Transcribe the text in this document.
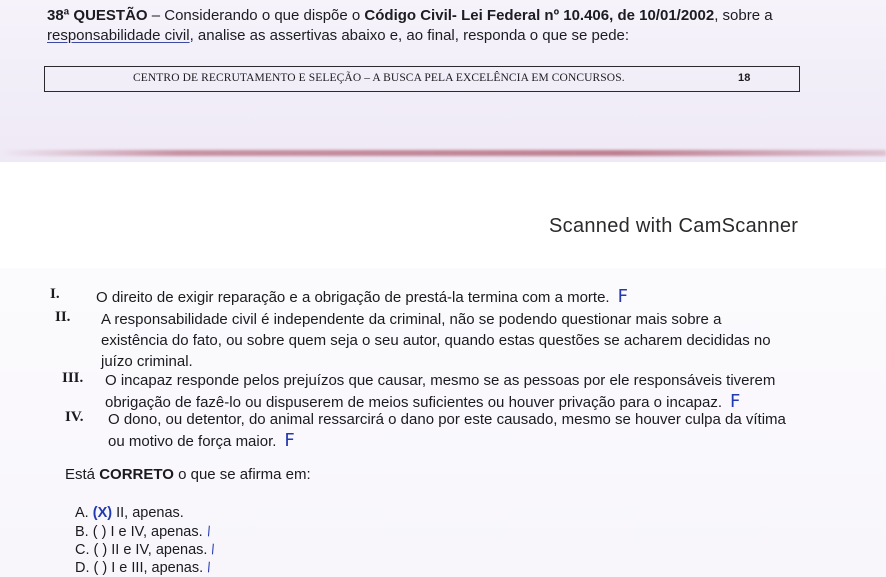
38ª QUESTÃO – Considerando o que dispõe o Código Civil- Lei Federal nº 10.406, de 10/01/2002, sobre a
responsabilidade civil, analise as assertivas abaixo e, ao final, responda o que se pede:
CENTRO DE RECRUTAMENTO E SELEÇÃO – A BUSCA PELA EXCELÊNCIA EM CONCURSOS.	18
Scanned with CamScanner
I. O direito de exigir reparação e a obrigação de prestá-la termina com a morte. F
II. A responsabilidade civil é independente da criminal, não se podendo questionar mais sobre a
existência do fato, ou sobre quem seja o seu autor, quando estas questões se acharem decididas no
juízo criminal.
III. O incapaz responde pelos prejuízos que causar, mesmo se as pessoas por ele responsáveis tiverem
obrigação de fazê-lo ou dispuserem de meios suficientes ou houver privação para o incapaz. F
IV. O dono, ou detentor, do animal ressarcirá o dano por este causado, mesmo se houver culpa da vítima
ou motivo de força maior. F
Está CORRETO o que se afirma em:
A. (X) II, apenas.
B. ( ) I e IV, apenas.\
C. ( ) II e IV, apenas.\
D. ( ) I e III, apenas.\
